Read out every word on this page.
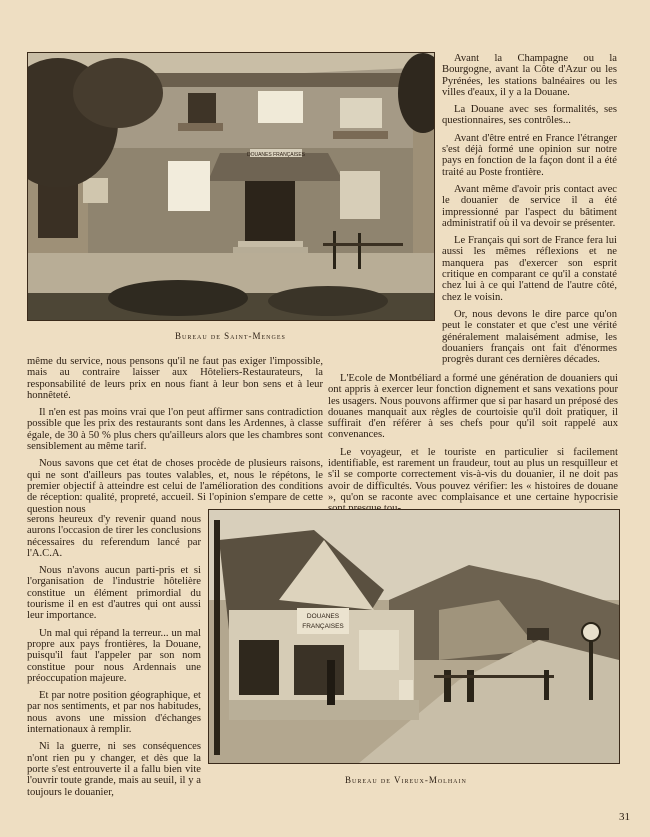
DOUANES FRANÇAISES
Bureau de Saint-Menges

Avant la Champagne ou la Bourgogne, avant la Côte d'Azur ou les Pyrénées, les stations balnéaires ou les villes d'eaux, il y a la Douane.

La Douane avec ses formalités, ses questionnaires, ses contrôles...

Avant d'être entré en France l'étranger s'est déjà formé une opinion sur notre pays en fonction de la façon dont il a été traité au Poste frontière.

Avant même d'avoir pris contact avec le douanier de service il a été impressionné par l'aspect du bâtiment administratif où il va devoir se présenter.

Le Français qui sort de France fera lui aussi les mêmes réflexions et ne manquera pas d'exercer son esprit critique en comparant ce qu'il a constaté chez lui à ce qui l'attend de l'autre côté, chez le voisin.

Or, nous devons le dire parce qu'on peut le constater et que c'est une vérité généralement malaisément admise, les douaniers français ont fait d'énormes progrès durant ces dernières décades.

même du service, nous pensons qu'il ne faut pas exiger l'impossible, mais au contraire laisser aux Hôteliers-Restaurateurs, la responsabilité de leurs prix en nous fiant à leur bon sens et à leur honnêteté.

Il n'en est pas moins vrai que l'on peut affirmer sans contradiction possible que les prix des restaurants sont dans les Ardennes, à classe égale, de 30 à 50 % plus chers qu'ailleurs alors que les chambres sont sensiblement au même tarif.

Nous savons que cet état de choses procède de plusieurs raisons, qui ne sont d'ailleurs pas toutes valables, et, nous le répétons, le premier objectif à atteindre est celui de l'amélioration des conditions de réception: qualité, propreté, accueil. Si l'opinion s'empare de cette question nous

L'Ecole de Montbéliard a formé une génération de douaniers qui ont appris à exercer leur fonction dignement et sans vexations pour les usagers. Nous pouvons affirmer que si par hasard un préposé des douanes manquait aux règles de courtoisie qu'il doit pratiquer, il suffirait d'en référer à ses chefs pour qu'il soit rappelé aux convenances.

Le voyageur, et le touriste en particulier si facilement identifiable, est rarement un fraudeur, tout au plus un resquilleur et s'il se comporte correctement vis-à-vis du douanier, il ne doit pas avoir de difficultés. Vous pouvez vérifier: les « histoires de douane », qu'on se raconte avec complaisance et une certaine hypocrisie

serons heureux d'y revenir quand nous aurons l'occasion de tirer les conclusions nécessaires du referendum lancé par l'A.C.A.

Nous n'avons aucun parti-pris et si l'organisation de l'industrie hôtelière constitue un élément primordial du tourisme il en est d'autres qui ont aussi leur importance.

Un mal qui répand la terreur... un mal propre aux pays frontières, la Douane, puisqu'il faut l'appeler par son nom constitue pour nous Ardennais une préoccupation majeure.

Et par notre position géographique, et par nos sentiments, et par nos habitudes, nous avons une mission d'échanges internationaux à remplir.

Ni la guerre, ni ses conséquences n'ont rien pu y changer, et dès que la porte s'est entrouverte il a fallu bien vite l'ouvrir toute grande, mais au seuil, il y a toujours le douanier,

DOUANES
FRANÇAISES
Bureau de Vireux-Molhain
31
